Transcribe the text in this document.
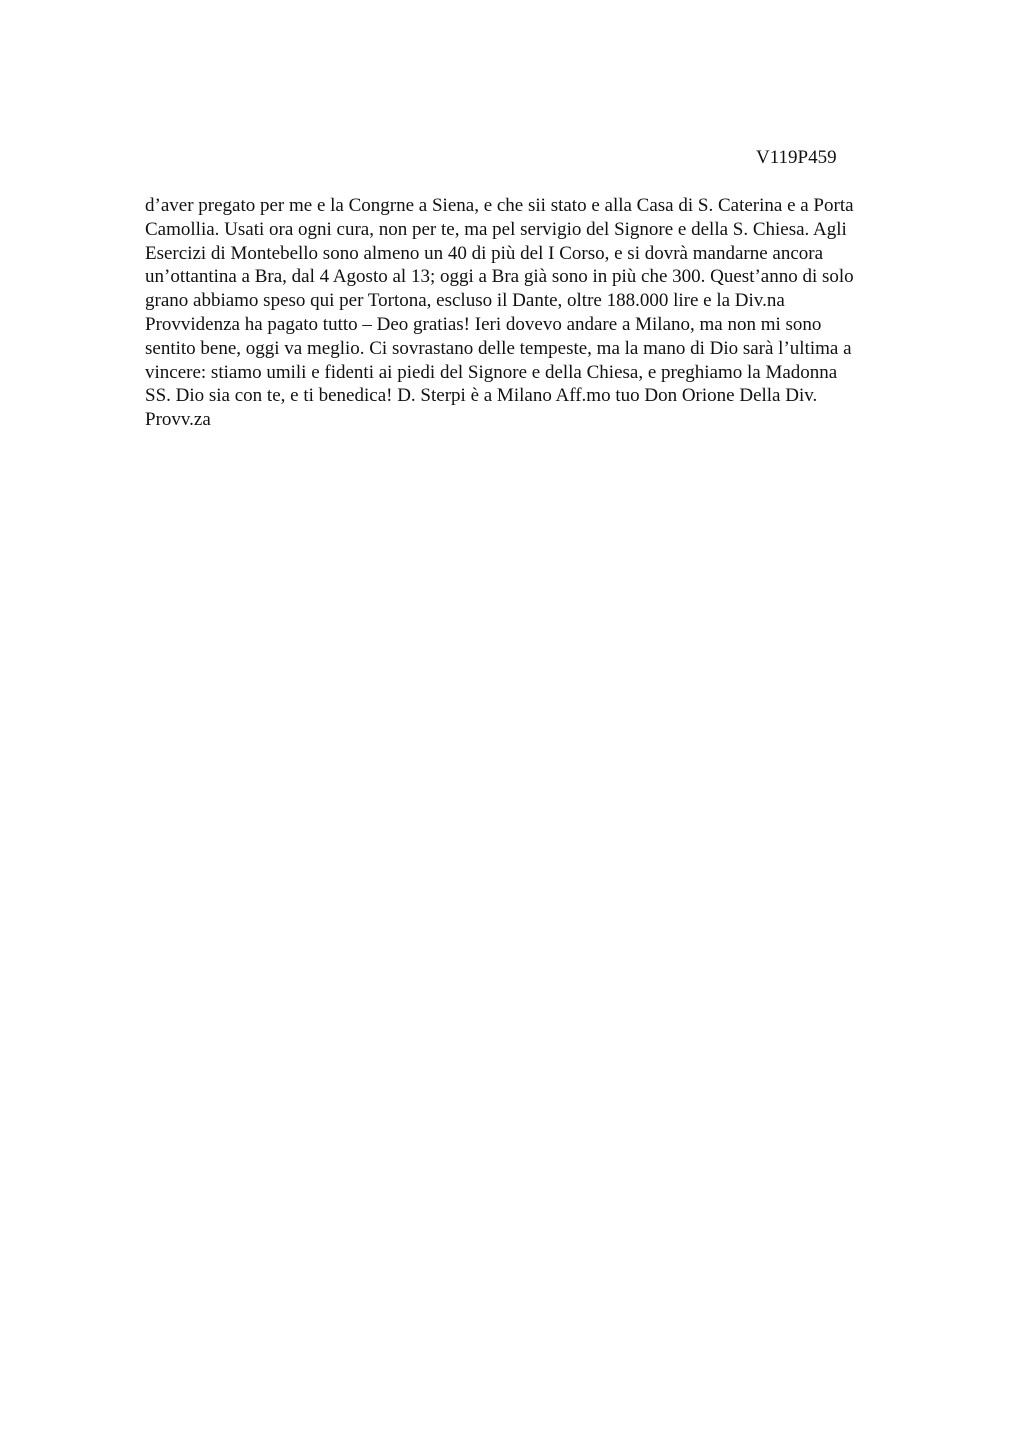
V119P459
d’aver pregato per me e la Congrne a Siena, e che sii stato e alla Casa di S. Caterina e a Porta
Camollia. Usati ora ogni cura, non per te, ma pel servigio del Signore e della S. Chiesa. Agli
Esercizi di Montebello sono almeno un 40 di più del I Corso, e si dovrà mandarne ancora
un’ottantina a Bra, dal 4 Agosto al 13; oggi a Bra già sono in più che 300. Quest’anno di solo
grano abbiamo speso qui per Tortona, escluso il Dante, oltre 188.000 lire e la Div.na
Provvidenza ha pagato tutto – Deo gratias! Ieri dovevo andare a Milano, ma non mi sono
sentito bene, oggi va meglio. Ci sovrastano delle tempeste, ma la mano di Dio sarà l’ultima a
vincere: stiamo umili e fidenti ai piedi del Signore e della Chiesa, e preghiamo la Madonna
SS. Dio sia con te, e ti benedica! D. Sterpi è a Milano Aff.mo tuo Don Orione Della Div.
Provv.za
